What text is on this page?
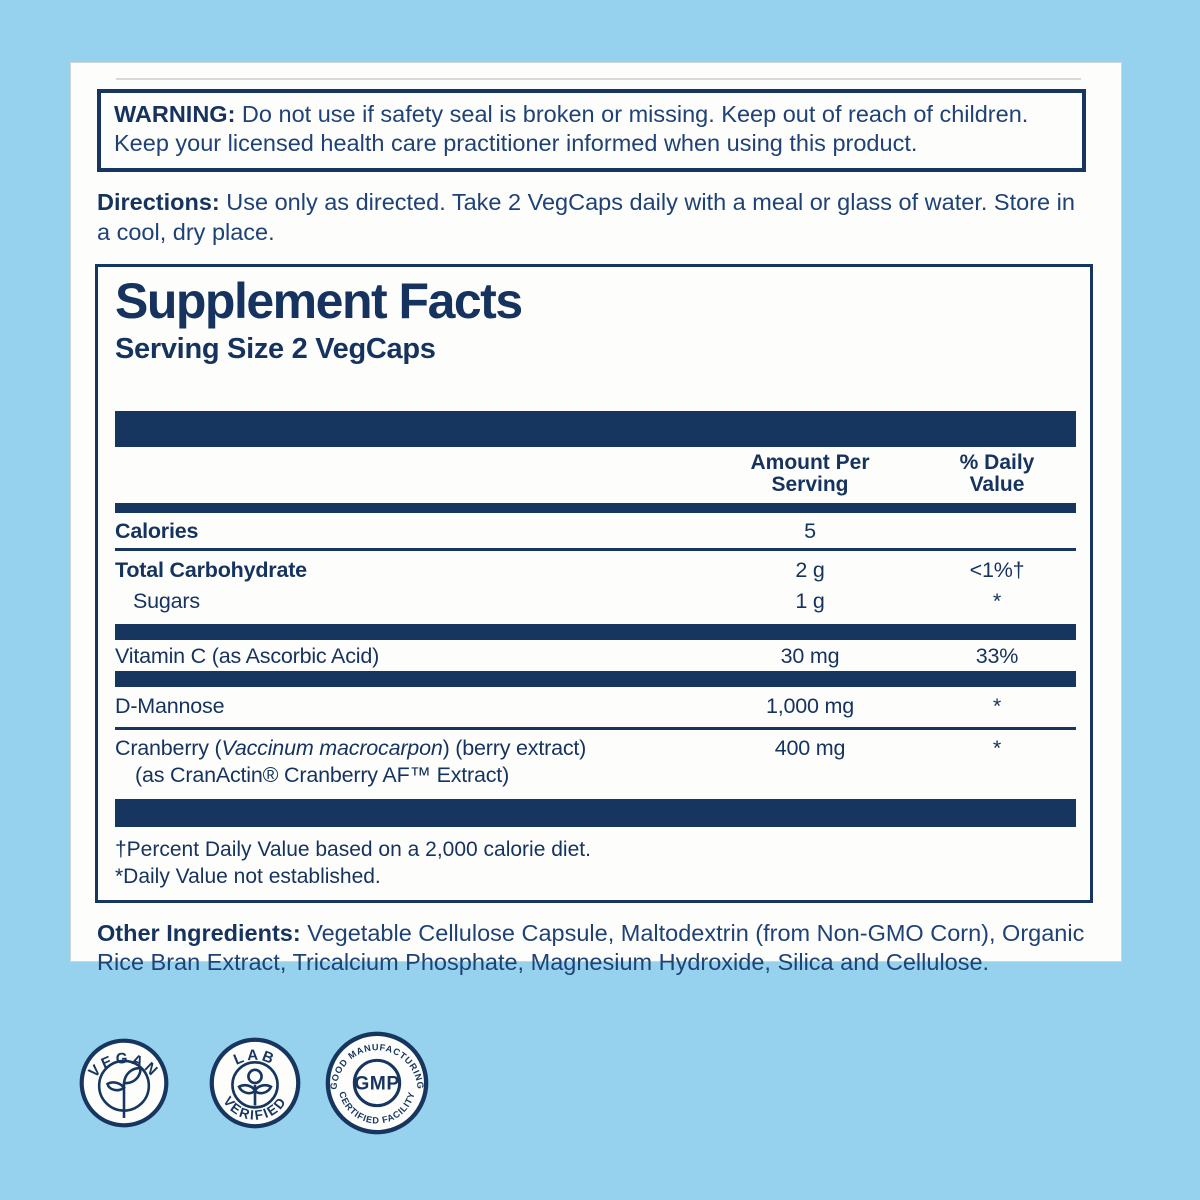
WARNING: Do not use if safety seal is broken or missing. Keep out of reach of children. Keep your licensed health care practitioner informed when using this product.
Directions: Use only as directed. Take 2 VegCaps daily with a meal or glass of water. Store in a cool, dry place.
Supplement Facts
Serving Size 2 VegCaps
Amount Per
Serving
% Daily
Value
Calories	5
Total Carbohydrate	2 g	<1%†
Sugars	1 g	*
Vitamin C (as Ascorbic Acid)	30 mg	33%
D-Mannose	1,000 mg	*
Cranberry (Vaccinum macrocarpon) (berry extract)	400 mg	*
(as CranActin® Cranberry AF™ Extract)
†Percent Daily Value based on a 2,000 calorie diet.
*Daily Value not established.
Other Ingredients: Vegetable Cellulose Capsule, Maltodextrin (from Non-GMO Corn), Organic Rice Bran Extract, Tricalcium Phosphate, Magnesium Hydroxide, Silica and Cellulose.
VEGAN
LAB
VERIFIED
GOOD MANUFACTURING
CERTIFIED FACILITY
GMP
